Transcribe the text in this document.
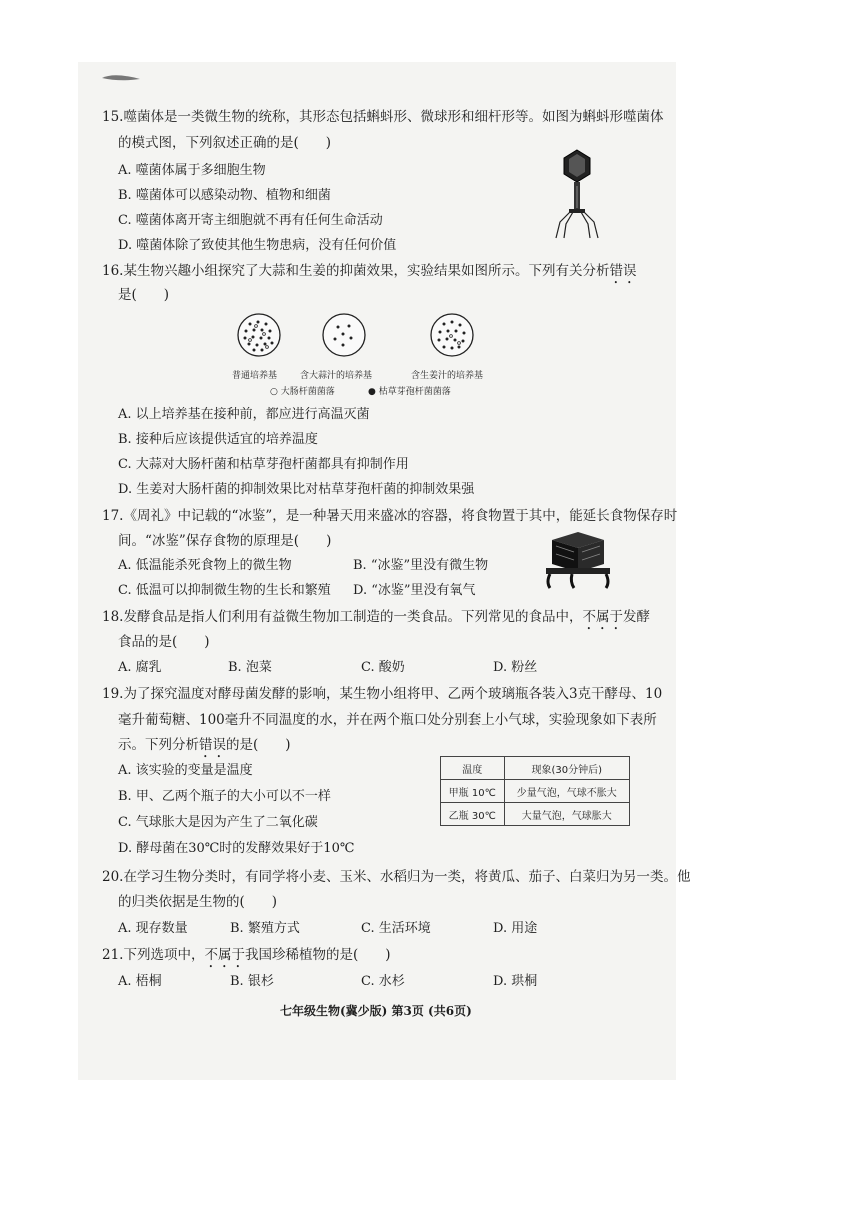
15.噬菌体是一类微生物的统称，其形态包括蝌蚪形、微球形和细杆形等。如图为蝌蚪形噬菌体
的模式图，下列叙述正确的是(　　)
A. 噬菌体属于多细胞生物
B. 噬菌体可以感染动物、植物和细菌
C. 噬菌体离开寄主细胞就不再有任何生命活动
D. 噬菌体除了致使其他生物患病，没有任何价值
16.某生物兴趣小组探究了大蒜和生姜的抑菌效果，实验结果如图所示。下列有关分析错误
是(　　)
普通培养基	含大蒜汁的培养基	含生姜汁的培养基
○ 大肠杆菌菌落	● 枯草芽孢杆菌菌落
A. 以上培养基在接种前，都应进行高温灭菌
B. 接种后应该提供适宜的培养温度
C. 大蒜对大肠杆菌和枯草芽孢杆菌都具有抑制作用
D. 生姜对大肠杆菌的抑制效果比对枯草芽孢杆菌的抑制效果强
17.《周礼》中记载的“冰鉴”，是一种暑天用来盛冰的容器，将食物置于其中，能延长食物保存时
间。“冰鉴”保存食物的原理是(　　)
A. 低温能杀死食物上的微生物	B. “冰鉴”里没有微生物
C. 低温可以抑制微生物的生长和繁殖 D. “冰鉴”里没有氧气
18.发酵食品是指人们利用有益微生物加工制造的一类食品。下列常见的食品中，不属于发酵
食品的是(　　)
A. 腐乳	B. 泡菜	C. 酸奶	D. 粉丝
19.为了探究温度对酵母菌发酵的影响，某生物小组将甲、乙两个玻璃瓶各装入3克干酵母、10
毫升葡萄糖、100毫升不同温度的水，并在两个瓶口处分别套上小气球，实验现象如下表所
示。下列分析错误的是(　　)
A. 该实验的变量是温度
B. 甲、乙两个瓶子的大小可以不一样
C. 气球胀大是因为产生了二氧化碳
D. 酵母菌在30℃时的发酵效果好于10℃
温度	现象(30分钟后)
甲瓶 10℃	少量气泡，气球不胀大
乙瓶 30℃	大量气泡，气球胀大
20.在学习生物分类时，有同学将小麦、玉米、水稻归为一类，将黄瓜、茄子、白菜归为另一类。他
的归类依据是生物的(　　)
A. 现存数量	B. 繁殖方式	C. 生活环境	D. 用途
21.下列选项中，不属于我国珍稀植物的是(　　)
A. 梧桐	B. 银杉	C. 水杉	D. 珙桐
七年级生物(冀少版) 第3页 (共6页)
